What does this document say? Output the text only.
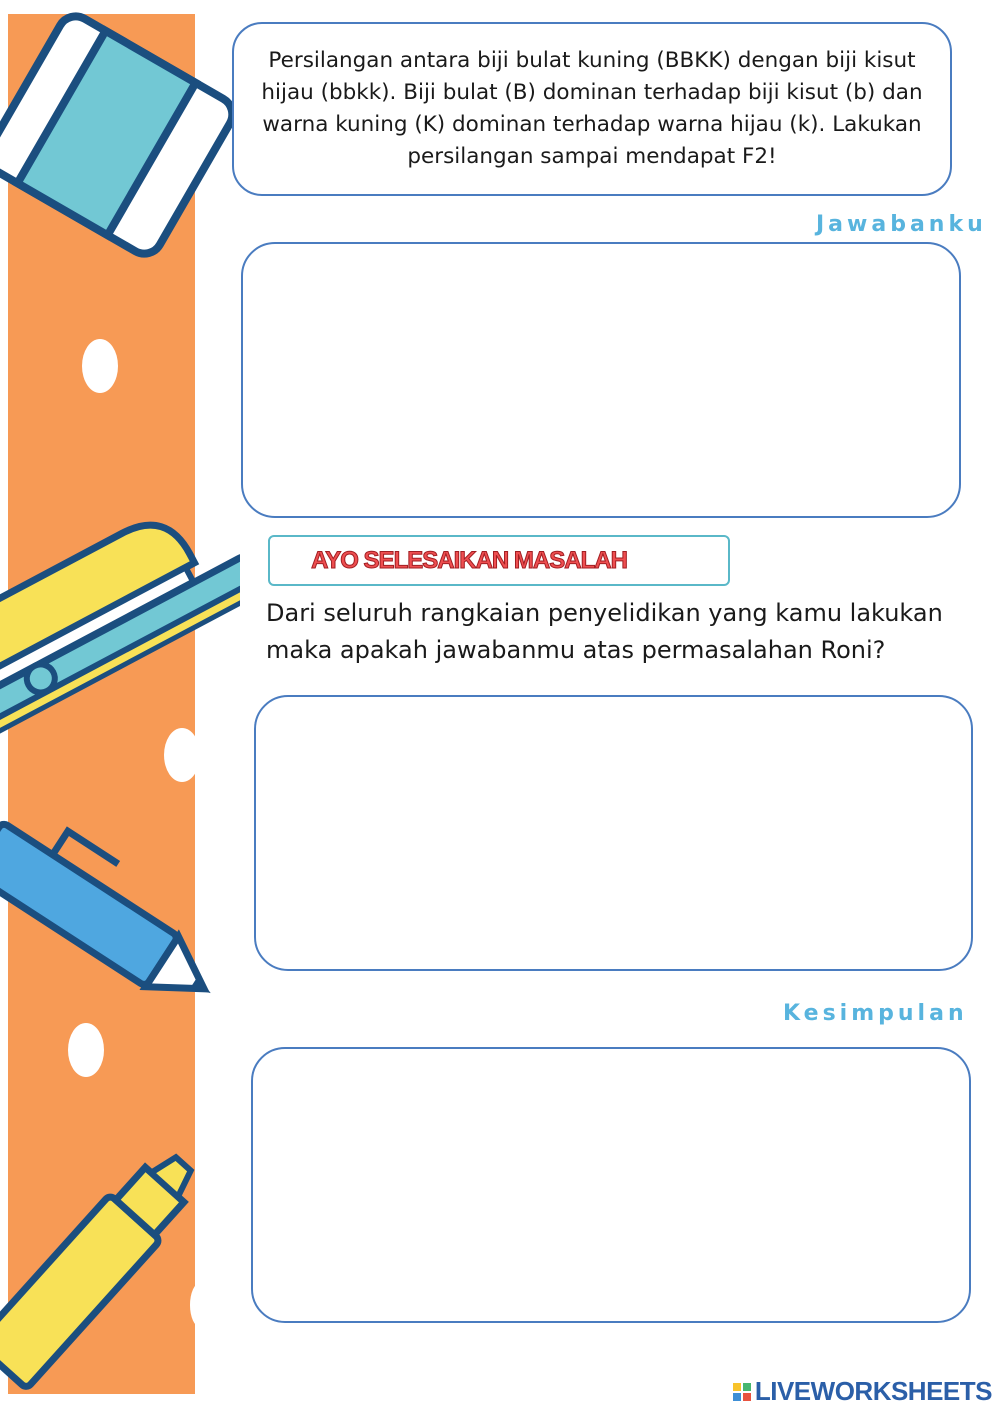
Persilangan antara biji bulat kuning (BBKK) dengan biji kisut hijau (bbkk). Biji bulat (B) dominan terhadap biji kisut (b) dan warna kuning (K) dominan terhadap warna hijau (k). Lakukan persilangan sampai mendapat F2!
Jawabanku
AYO SELESAIKAN MASALAH

Dari seluruh rangkaian penyelidikan yang kamu lakukan maka apakah jawabanmu atas permasalahan Roni?

Kesimpulan
LIVEWORKSHEETS
